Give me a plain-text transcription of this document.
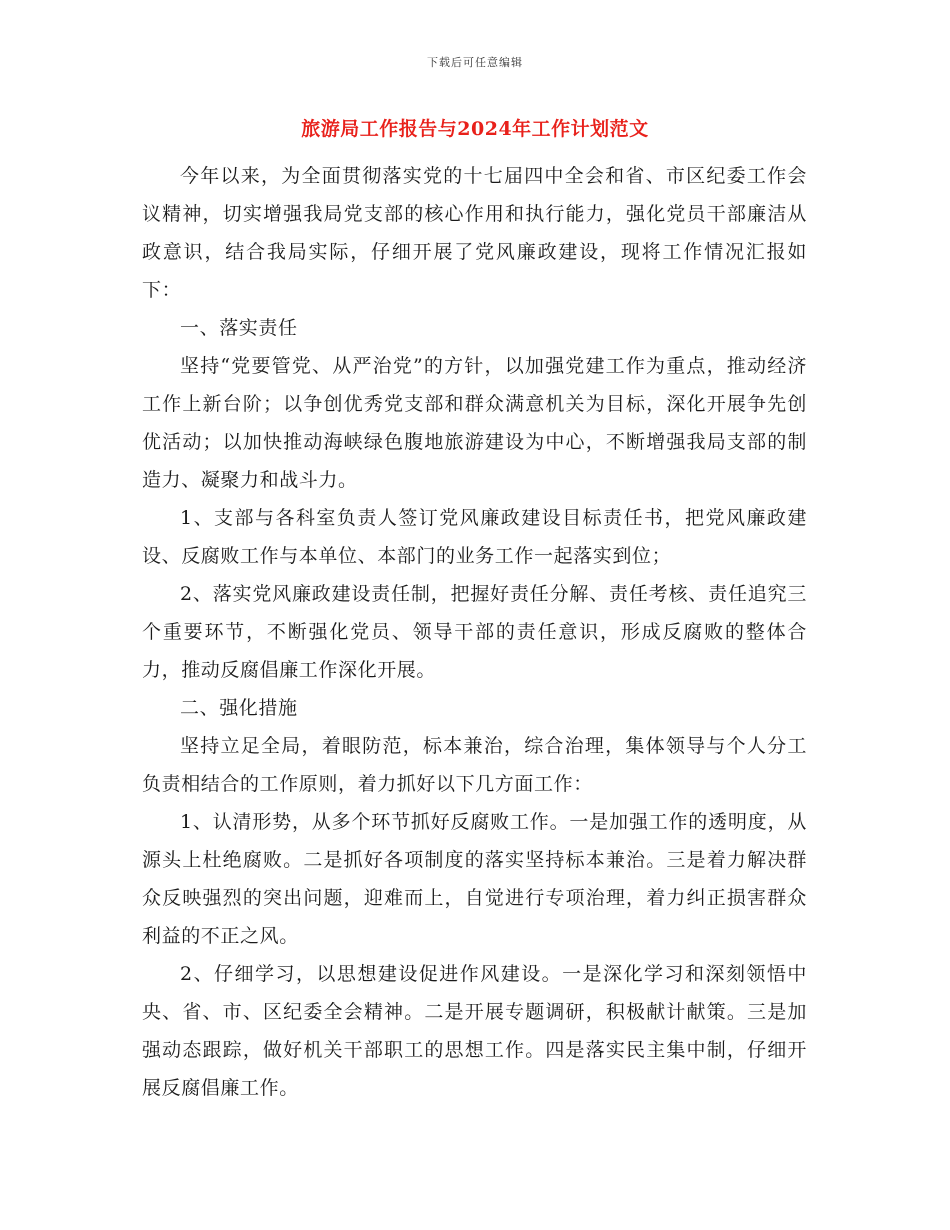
下载后可任意编辑
旅游局工作报告与2024年工作计划范文

今年以来，为全面贯彻落实党的十七届四中全会和省、市区纪委工作会议精神，切实增强我局党支部的核心作用和执行能力，强化党员干部廉洁从政意识，结合我局实际，仔细开展了党风廉政建设，现将工作情况汇报如下：

一、落实责任

坚持“党要管党、从严治党”的方针，以加强党建工作为重点，推动经济工作上新台阶；以争创优秀党支部和群众满意机关为目标，深化开展争先创优活动；以加快推动海峡绿色腹地旅游建设为中心，不断增强我局支部的制造力、凝聚力和战斗力。

1、支部与各科室负责人签订党风廉政建设目标责任书，把党风廉政建设、反腐败工作与本单位、本部门的业务工作一起落实到位；

2、落实党风廉政建设责任制，把握好责任分解、责任考核、责任追究三个重要环节，不断强化党员、领导干部的责任意识，形成反腐败的整体合力，推动反腐倡廉工作深化开展。

二、强化措施

坚持立足全局，着眼防范，标本兼治，综合治理，集体领导与个人分工负责相结合的工作原则，着力抓好以下几方面工作：

1、认清形势，从多个环节抓好反腐败工作。一是加强工作的透明度，从源头上杜绝腐败。二是抓好各项制度的落实坚持标本兼治。三是着力解决群众反映强烈的突出问题，迎难而上，自觉进行专项治理，着力纠正损害群众利益的不正之风。

2、仔细学习，以思想建设促进作风建设。一是深化学习和深刻领悟中央、省、市、区纪委全会精神。二是开展专题调研，积极献计献策。三是加强动态跟踪，做好机关干部职工的思想工作。四是落实民主集中制，仔细开展反腐倡廉工作。
